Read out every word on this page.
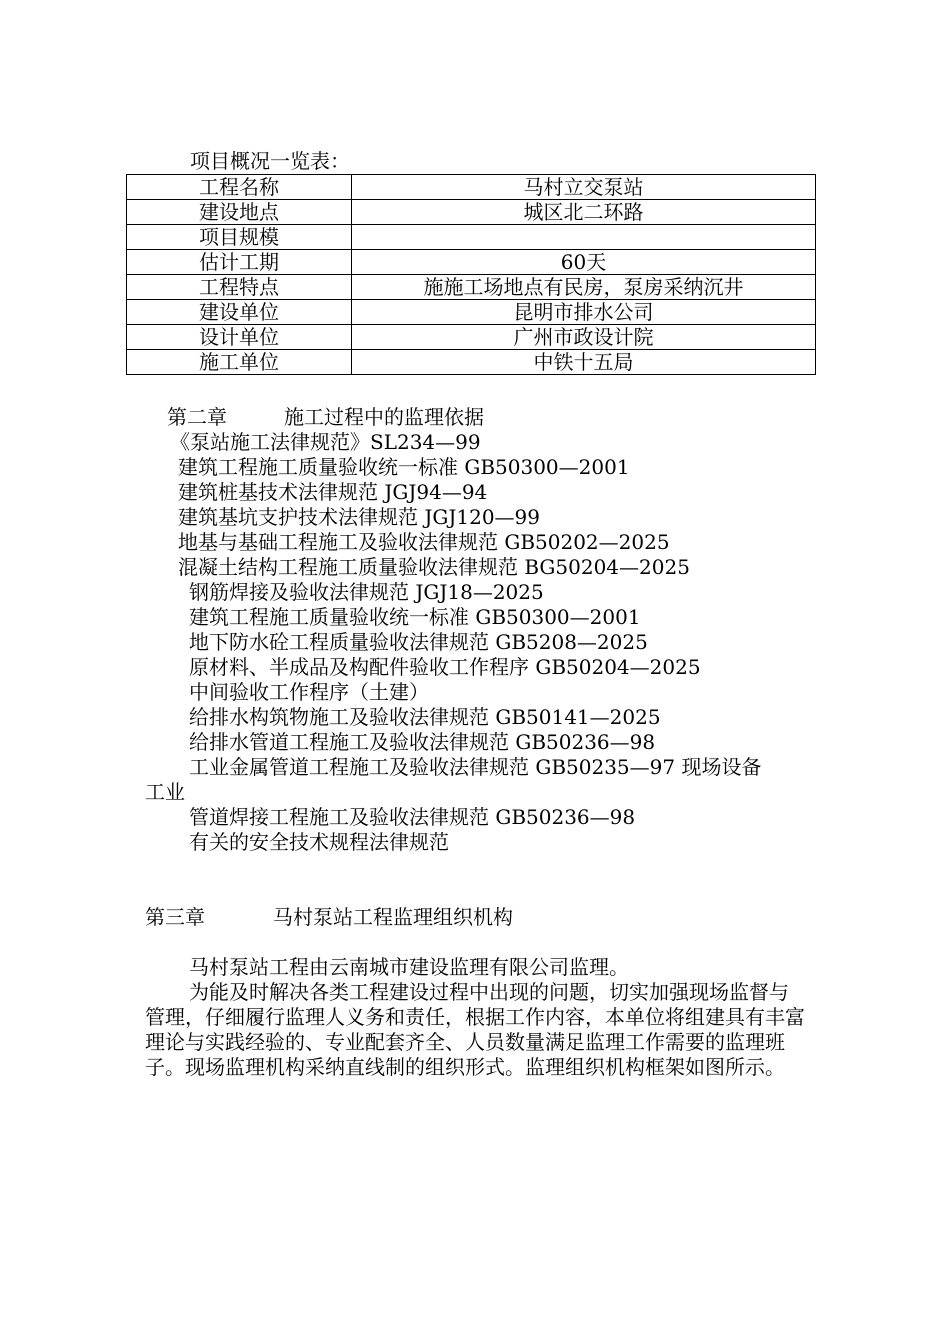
项目概况一览表：
工程名称	马村立交泵站
建设地点	城区北二环路
项目规模	
估计工期	60天
工程特点	施施工场地点有民房，泵房采纳沉井
建设单位	昆明市排水公司
设计单位	广州市政设计院
施工单位	中铁十五局
第二章	施工过程中的监理依据
《泵站施工法律规范》SL234—99
建筑工程施工质量验收统一标准 GB50300—2001
建筑桩基技术法律规范 JGJ94—94
建筑基坑支护技术法律规范 JGJ120—99
地基与基础工程施工及验收法律规范 GB50202—2025
混凝土结构工程施工质量验收法律规范 BG50204—2025
钢筋焊接及验收法律规范 JGJ18—2025
建筑工程施工质量验收统一标准 GB50300—2001
地下防水砼工程质量验收法律规范 GB5208—2025
原材料、半成品及构配件验收工作程序 GB50204—2025
中间验收工作程序（土建）
给排水构筑物施工及验收法律规范 GB50141—2025
给排水管道工程施工及验收法律规范 GB50236—98
工业金属管道工程施工及验收法律规范 GB50235—97 现场设备
工业
管道焊接工程施工及验收法律规范 GB50236—98
有关的安全技术规程法律规范
第三章	马村泵站工程监理组织机构

马村泵站工程由云南城市建设监理有限公司监理。

为能及时解决各类工程建设过程中出现的问题，切实加强现场监督与管理，仔细履行监理人义务和责任，根据工作内容，本单位将组建具有丰富理论与实践经验的、专业配套齐全、人员数量满足监理工作需要的监理班子。现场监理机构采纳直线制的组织形式。监理组织机构框架如图所示。
